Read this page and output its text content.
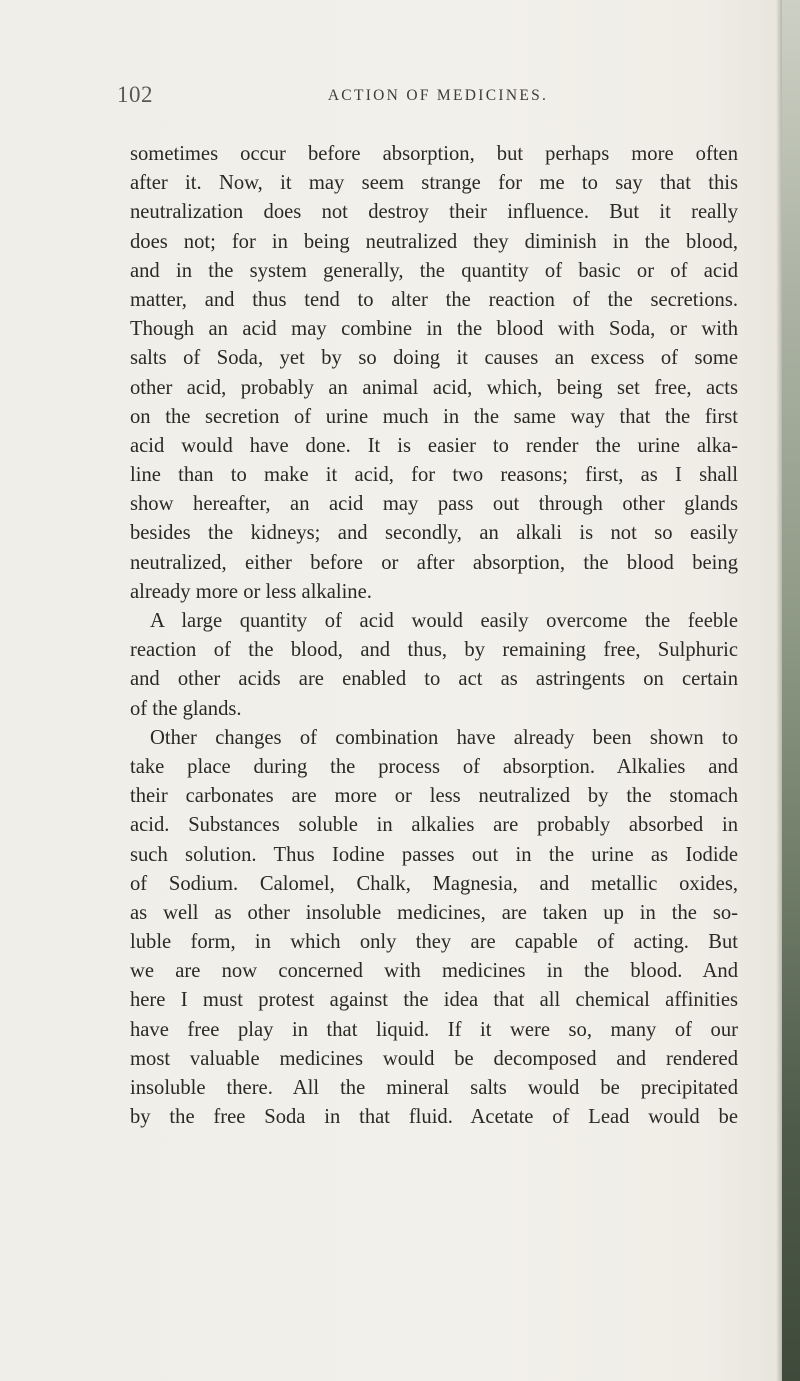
102	ACTION OF MEDICINES.
sometimes occur before absorption, but perhaps more often
after it. Now, it may seem strange for me to say that this
neutralization does not destroy their influence. But it really
does not; for in being neutralized they diminish in the blood,
and in the system generally, the quantity of basic or of acid
matter, and thus tend to alter the reaction of the secretions.
Though an acid may combine in the blood with Soda, or with
salts of Soda, yet by so doing it causes an excess of some
other acid, probably an animal acid, which, being set free, acts
on the secretion of urine much in the same way that the first
acid would have done. It is easier to render the urine alka-
line than to make it acid, for two reasons; first, as I shall
show hereafter, an acid may pass out through other glands
besides the kidneys; and secondly, an alkali is not so easily
neutralized, either before or after absorption, the blood being
already more or less alkaline.
A large quantity of acid would easily overcome the feeble
reaction of the blood, and thus, by remaining free, Sulphuric
and other acids are enabled to act as astringents on certain
of the glands.
Other changes of combination have already been shown to
take place during the process of absorption. Alkalies and
their carbonates are more or less neutralized by the stomach
acid. Substances soluble in alkalies are probably absorbed in
such solution. Thus Iodine passes out in the urine as Iodide
of Sodium. Calomel, Chalk, Magnesia, and metallic oxides,
as well as other insoluble medicines, are taken up in the so-
luble form, in which only they are capable of acting. But
we are now concerned with medicines in the blood. And
here I must protest against the idea that all chemical affinities
have free play in that liquid. If it were so, many of our
most valuable medicines would be decomposed and rendered
insoluble there. All the mineral salts would be precipitated
by the free Soda in that fluid. Acetate of Lead would be
